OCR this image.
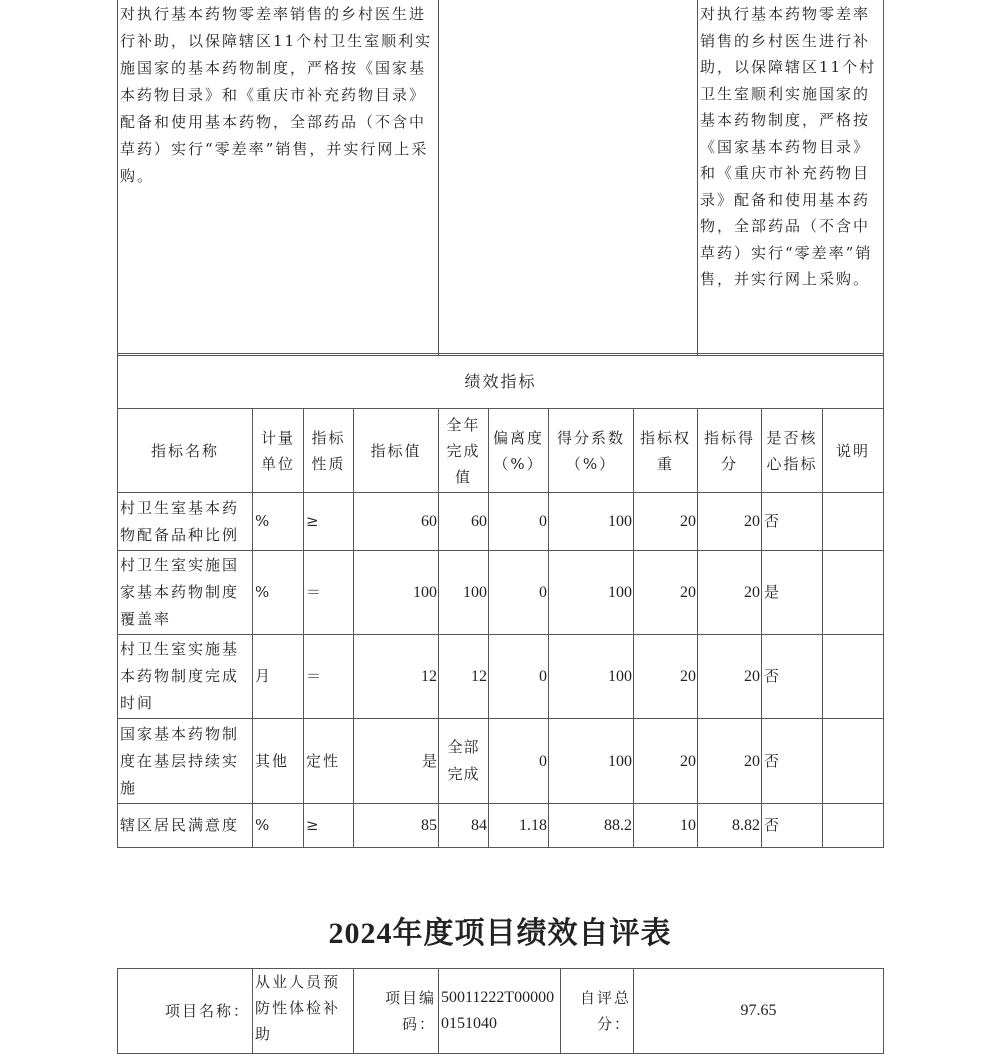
对执行基本药物零差率销售的乡村医生进行补助，以保障辖区11个村卫生室顺利实施国家的基本药物制度，严格按《国家基本药物目录》和《重庆市补充药物目录》配备和使用基本药物，全部药品（不含中草药）实行“零差率”销售，并实行网上采购。		对执行基本药物零差率销售的乡村医生进行补助，以保障辖区11个村卫生室顺利实施国家的基本药物制度，严格按《国家基本药物目录》和《重庆市补充药物目录》配备和使用基本药物，全部药品（不含中草药）实行“零差率”销售，并实行网上采购。
绩效指标										
指标名称	计量单位	指标性质	指标值	全年完成值	偏离度（%）	得分系数（%）	指标权重	指标得分	是否核心指标	说明
村卫生室基本药物配备品种比例	%	≥	60	60	0	100	20	20	否	
村卫生室实施国家基本药物制度覆盖率	%	＝	100	100	0	100	20	20	是	
村卫生室实施基本药物制度完成时间	月	＝	12	12	0	100	20	20	否	
国家基本药物制度在基层持续实施	其他	定性	是	全部完成	0	100	20	20	否	
辖区居民满意度	%	≥	85	84	1.18	88.2	10	8.82	否	
2024年度项目绩效自评表
项目名称：	从业人员预防性体检补助	项目编码：	50011222T000000151040	自评总分：	97.65
